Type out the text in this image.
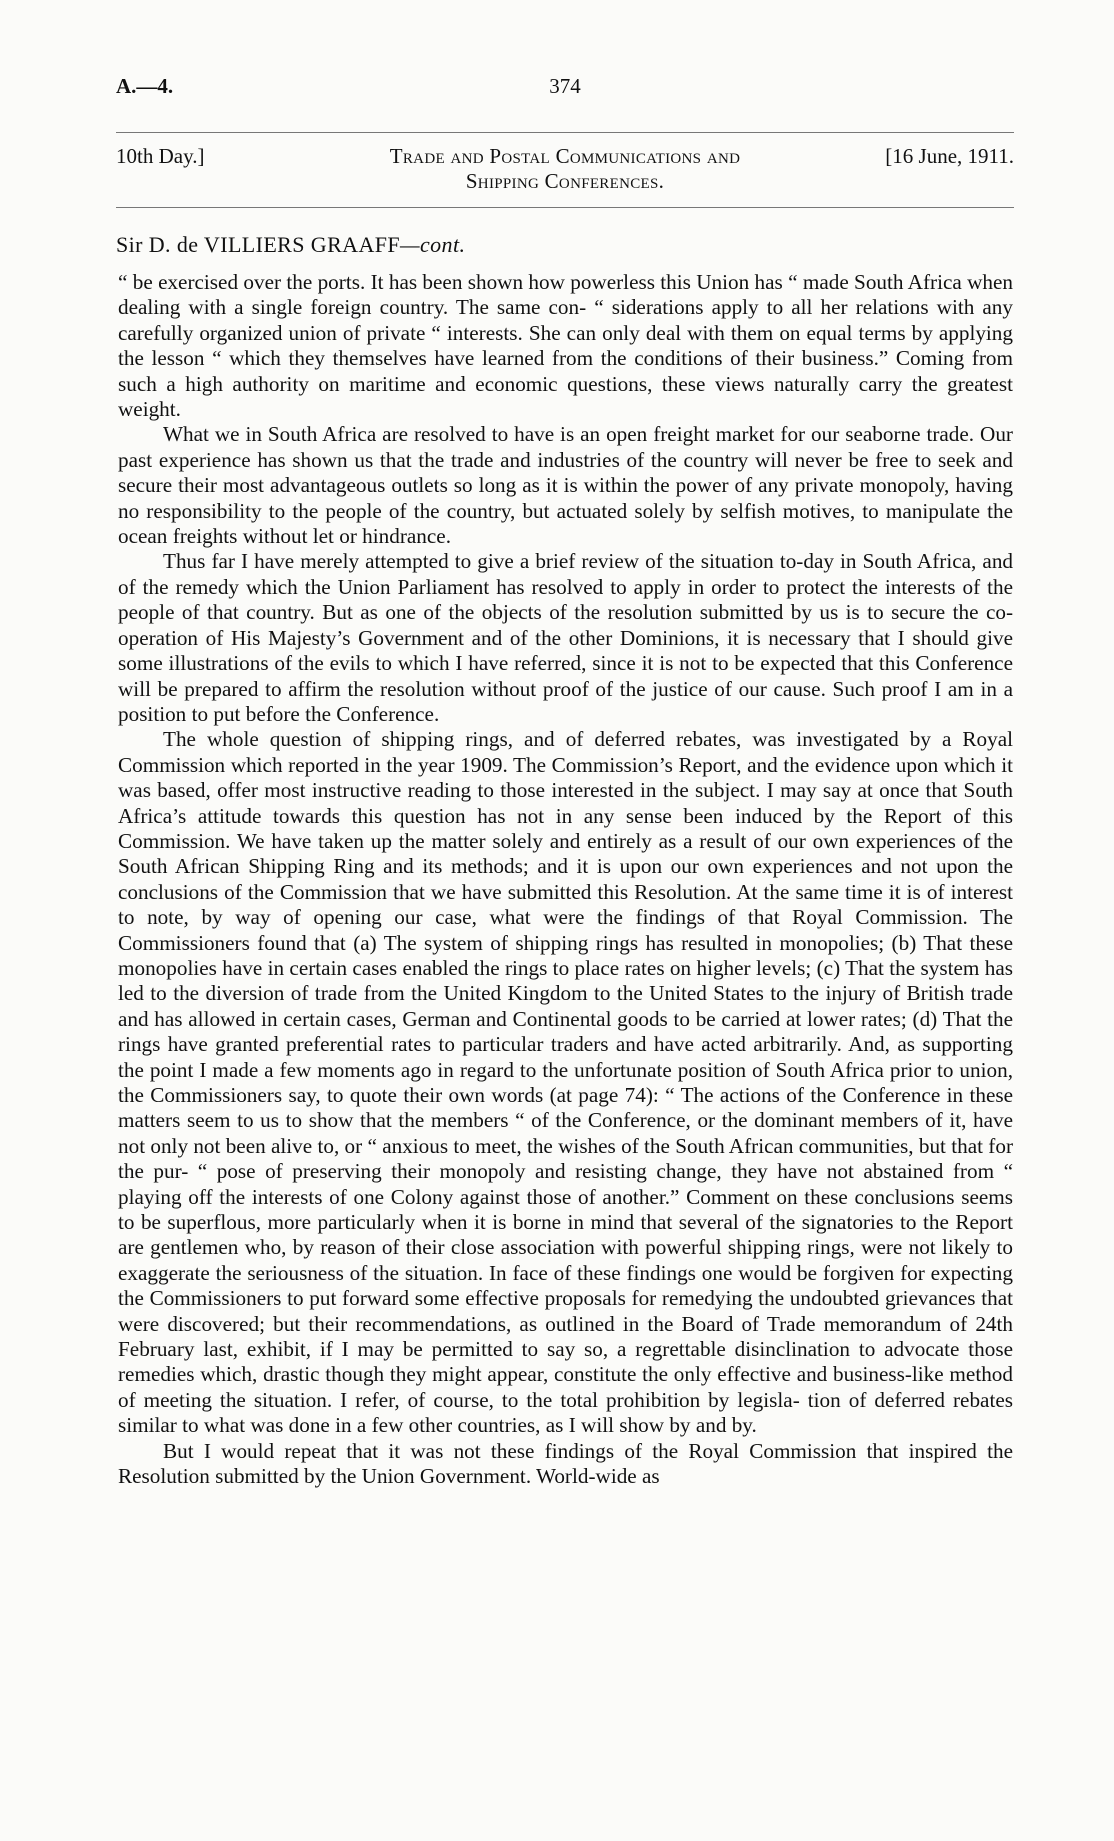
A.—4.	374
10th Day.]	Trade and Postal Communications and
Shipping Conferences.
[16 June, 1911.
Sir D. de VILLIERS GRAAFF—cont.

“ be exercised over the ports. It has been shown how powerless this Union has “ made South Africa when dealing with a single foreign country. The same con- “ siderations apply to all her relations with any carefully organized union of private “ interests. She can only deal with them on equal terms by applying the lesson “ which they themselves have learned from the conditions of their business.” Coming from such a high authority on maritime and economic questions, these views naturally carry the greatest weight.

What we in South Africa are resolved to have is an open freight market for our seaborne trade. Our past experience has shown us that the trade and industries of the country will never be free to seek and secure their most advantageous outlets so long as it is within the power of any private monopoly, having no responsibility to the people of the country, but actuated solely by selfish motives, to manipulate the ocean freights without let or hindrance.

Thus far I have merely attempted to give a brief review of the situation to-day in South Africa, and of the remedy which the Union Parliament has resolved to apply in order to protect the interests of the people of that country. But as one of the objects of the resolution submitted by us is to secure the co-operation of His Majesty’s Government and of the other Dominions, it is necessary that I should give some illustrations of the evils to which I have referred, since it is not to be expected that this Conference will be prepared to affirm the resolution without proof of the justice of our cause. Such proof I am in a position to put before the Conference.

The whole question of shipping rings, and of deferred rebates, was investigated by a Royal Commission which reported in the year 1909. The Commission’s Report, and the evidence upon which it was based, offer most instructive reading to those interested in the subject. I may say at once that South Africa’s attitude towards this question has not in any sense been induced by the Report of this Commission. We have taken up the matter solely and entirely as a result of our own experiences of the South African Shipping Ring and its methods; and it is upon our own experiences and not upon the conclusions of the Commission that we have submitted this Resolution. At the same time it is of interest to note, by way of opening our case, what were the findings of that Royal Commission. The Commissioners found that (a) The system of shipping rings has resulted in monopolies; (b) That these monopolies have in certain cases enabled the rings to place rates on higher levels; (c) That the system has led to the diversion of trade from the United Kingdom to the United States to the injury of British trade and has allowed in certain cases, German and Continental goods to be carried at lower rates; (d) That the rings have granted preferential rates to particular traders and have acted arbitrarily. And, as supporting the point I made a few moments ago in regard to the unfortunate position of South Africa prior to union, the Commissioners say, to quote their own words (at page 74): “ The actions of the Conference in these matters seem to us to show that the members “ of the Conference, or the dominant members of it, have not only not been alive to, or “ anxious to meet, the wishes of the South African communities, but that for the pur- “ pose of preserving their monopoly and resisting change, they have not abstained from “ playing off the interests of one Colony against those of another.” Comment on these conclusions seems to be superflous, more particularly when it is borne in mind that several of the signatories to the Report are gentlemen who, by reason of their close association with powerful shipping rings, were not likely to exaggerate the seriousness of the situation. In face of these findings one would be forgiven for expecting the Commissioners to put forward some effective proposals for remedying the undoubted grievances that were discovered; but their recommendations, as outlined in the Board of Trade memorandum of 24th February last, exhibit, if I may be permitted to say so, a regrettable disinclination to advocate those remedies which, drastic though they might appear, constitute the only effective and business-like method of meeting the situation. I refer, of course, to the total prohibition by legisla- tion of deferred rebates similar to what was done in a few other countries, as I will show by and by.

But I would repeat that it was not these findings of the Royal Commission that inspired the Resolution submitted by the Union Government. World-wide as
